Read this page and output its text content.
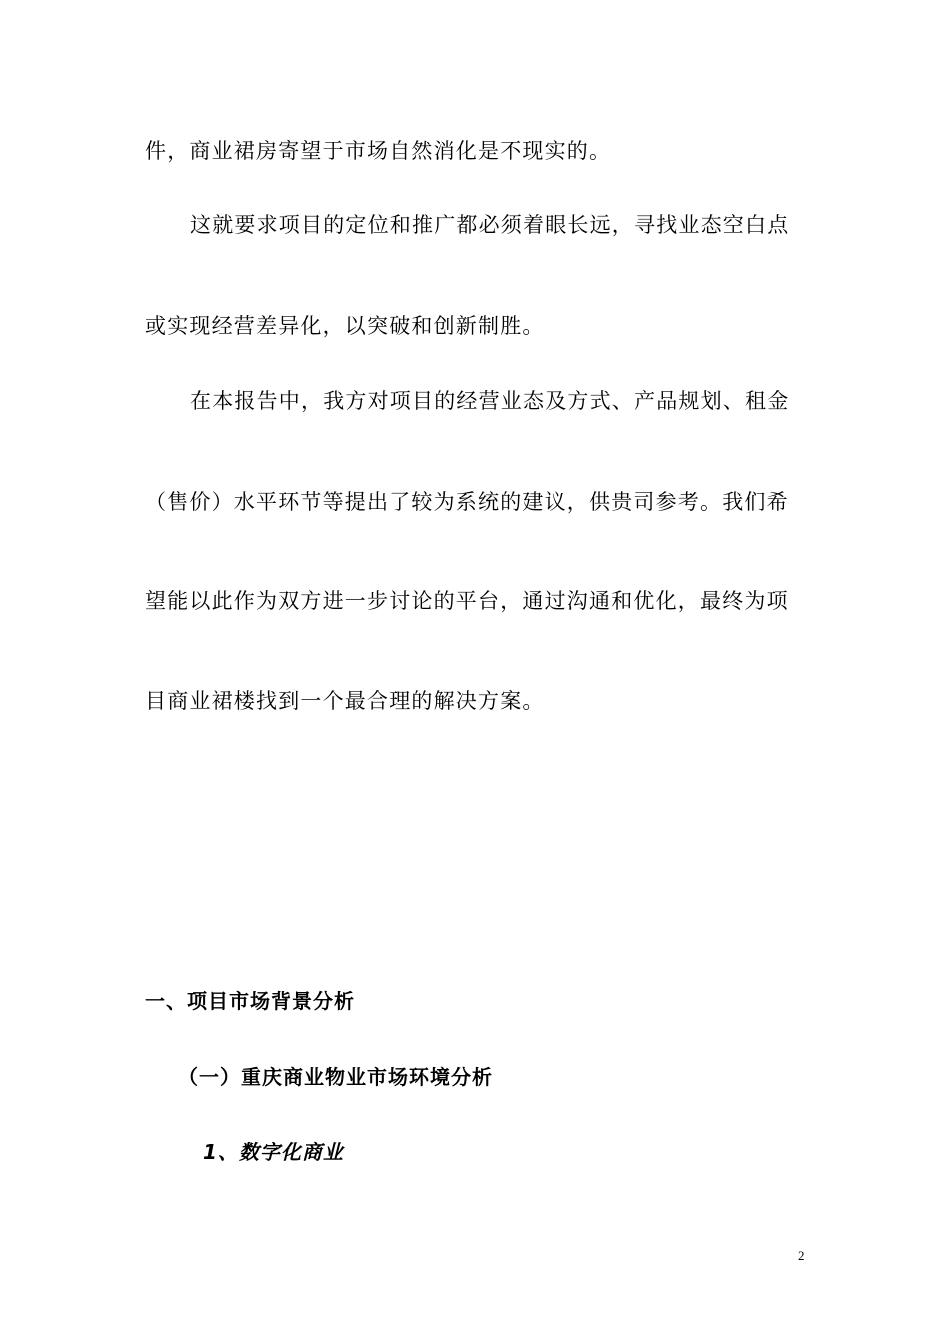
件，商业裙房寄望于市场自然消化是不现实的。
这就要求项目的定位和推广都必须着眼长远，寻找业态空白点
或实现经营差异化，以突破和创新制胜。
在本报告中，我方对项目的经营业态及方式、产品规划、租金
（售价）水平环节等提出了较为系统的建议，供贵司参考。我们希
望能以此作为双方进一步讨论的平台，通过沟通和优化，最终为项
目商业裙楼找到一个最合理的解决方案。
一、项目市场背景分析
（一）重庆商业物业市场环境分析
1、数字化商业
2
